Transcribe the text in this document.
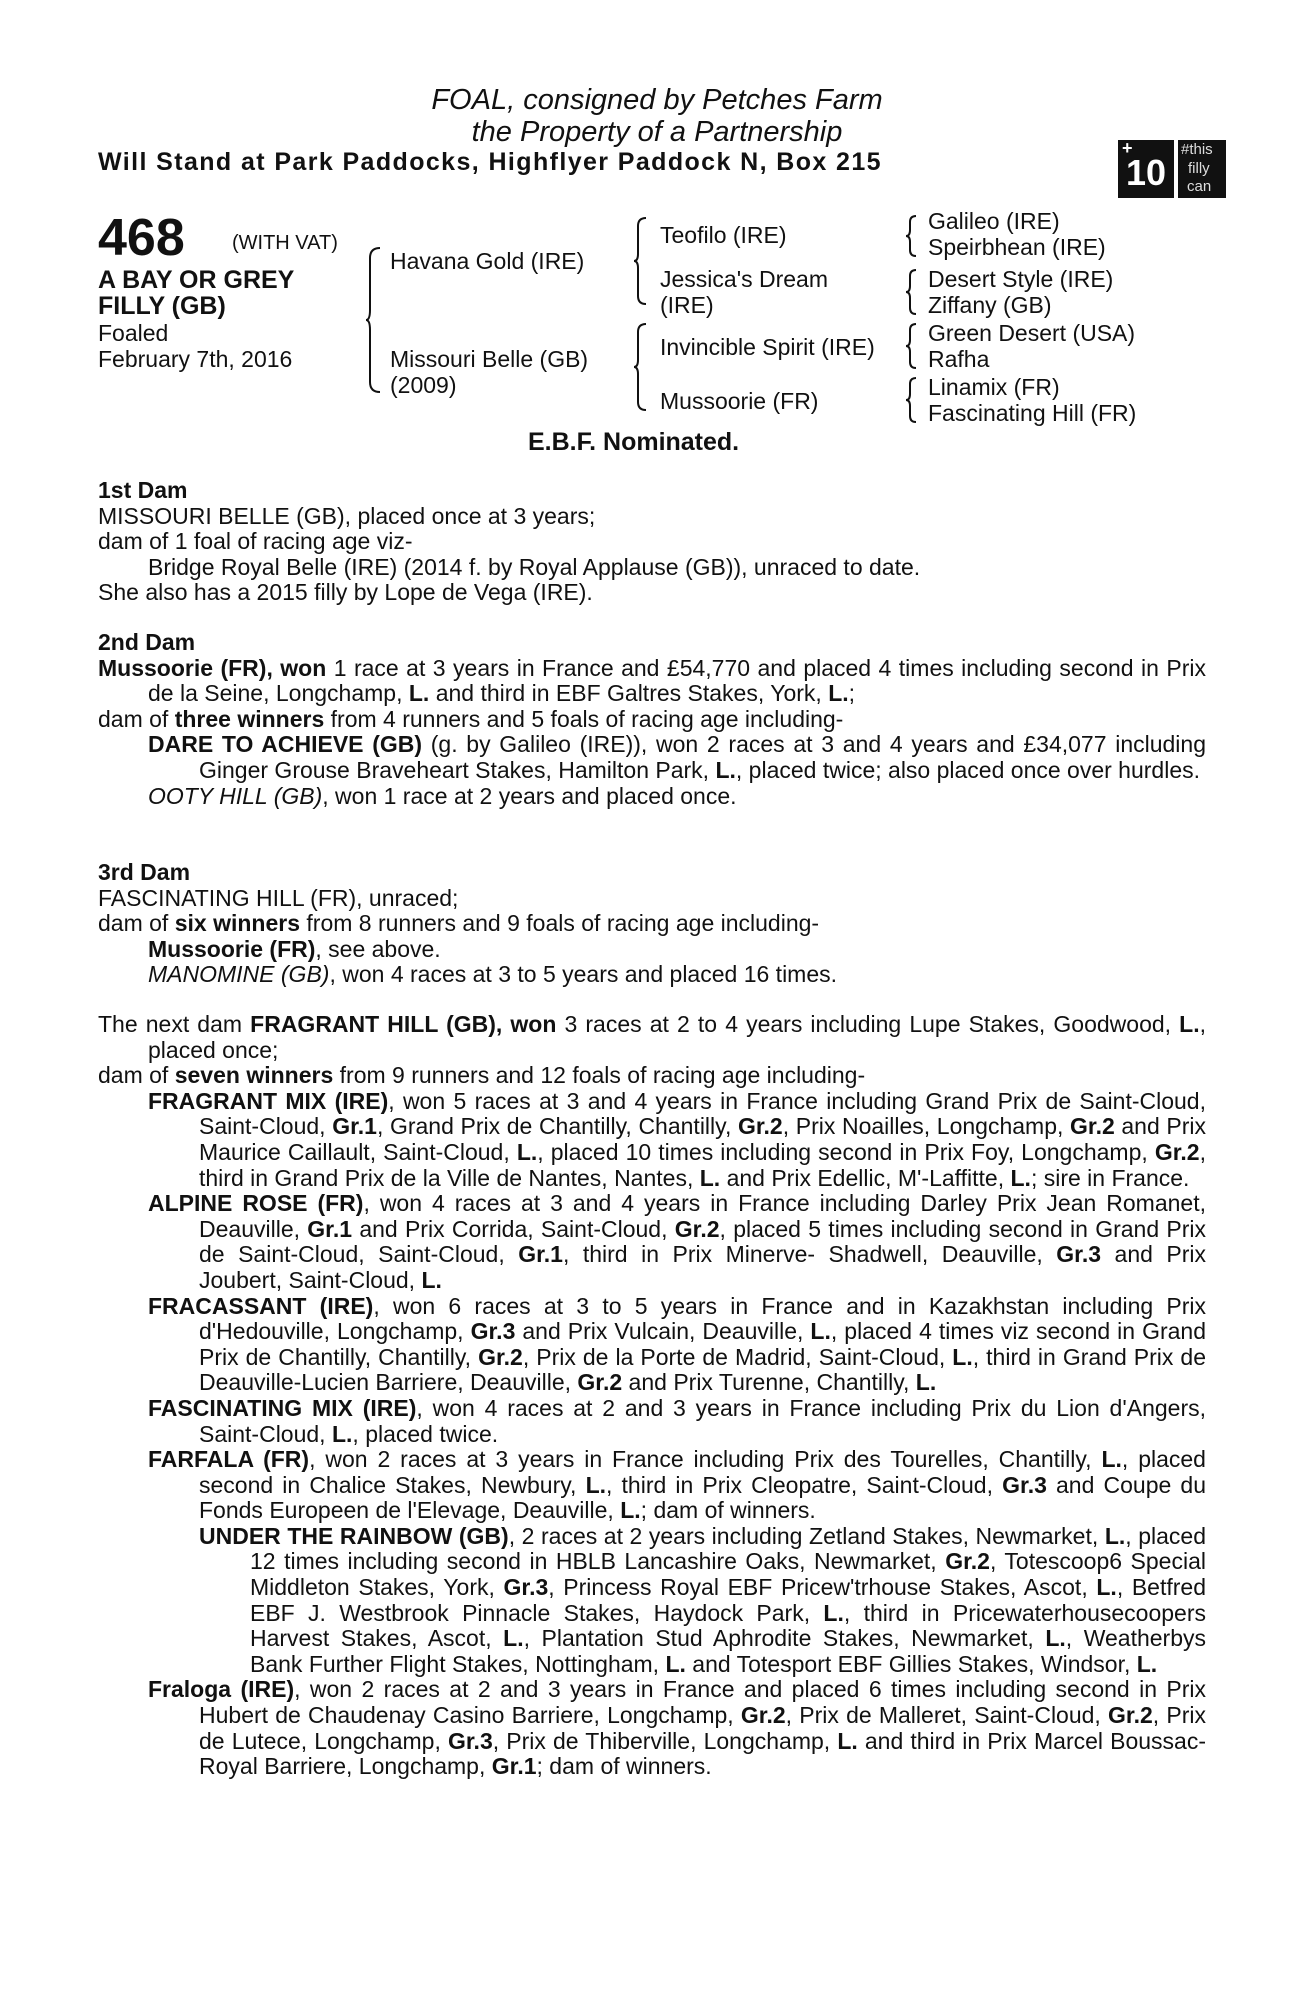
FOAL, consigned by Petches Farm
the Property of a Partnership
Will Stand at Park Paddocks, Highflyer Paddock N, Box 215	+
10
#this
filly
can
468 (WITH VAT)
A BAY OR GREY
FILLY (GB)
Foaled
February 7th, 2016
Havana Gold (IRE)
Missouri Belle (GB)
(2009)
Teofilo (IRE)
Jessica's Dream
(IRE)
Invincible Spirit (IRE)
Mussoorie (FR)
Galileo (IRE)
Speirbhean (IRE)
Desert Style (IRE)
Ziffany (GB)
Green Desert (USA)
Rafha
Linamix (FR)
Fascinating Hill (FR)
E.B.F. Nominated.

1st Dam

MISSOURI BELLE (GB), placed once at 3 years;

dam of 1 foal of racing age viz-

Bridge Royal Belle (IRE) (2014 f. by Royal Applause (GB)), unraced to date.

She also has a 2015 filly by Lope de Vega (IRE).

2nd Dam

Mussoorie (FR), won 1 race at 3 years in France and £54,770 and placed 4 times including second in Prix de la Seine, Longchamp, L. and third in EBF Galtres Stakes, York, L.;

dam of three winners from 4 runners and 5 foals of racing age including-

DARE TO ACHIEVE (GB) (g. by Galileo (IRE)), won 2 races at 3 and 4 years and £34,077 including Ginger Grouse Braveheart Stakes, Hamilton Park, L., placed twice; also placed once over hurdles.

OOTY HILL (GB), won 1 race at 2 years and placed once.

3rd Dam

FASCINATING HILL (FR), unraced;

dam of six winners from 8 runners and 9 foals of racing age including-

Mussoorie (FR), see above.

MANOMINE (GB), won 4 races at 3 to 5 years and placed 16 times.

The next dam FRAGRANT HILL (GB), won 3 races at 2 to 4 years including Lupe Stakes, Goodwood, L., placed once;

dam of seven winners from 9 runners and 12 foals of racing age including-

FRAGRANT MIX (IRE), won 5 races at 3 and 4 years in France including Grand Prix de Saint-Cloud, Saint-Cloud, Gr.1, Grand Prix de Chantilly, Chantilly, Gr.2, Prix Noailles, Longchamp, Gr.2 and Prix Maurice Caillault, Saint-Cloud, L., placed 10 times including second in Prix Foy, Longchamp, Gr.2, third in Grand Prix de la Ville de Nantes, Nantes, L. and Prix Edellic, M'-Laffitte, L.; sire in France.

ALPINE ROSE (FR), won 4 races at 3 and 4 years in France including Darley Prix Jean Romanet, Deauville, Gr.1 and Prix Corrida, Saint-Cloud, Gr.2, placed 5 times including second in Grand Prix de Saint-Cloud, Saint-Cloud, Gr.1, third in Prix Minerve- Shadwell, Deauville, Gr.3 and Prix Joubert, Saint-Cloud, L.

FRACASSANT (IRE), won 6 races at 3 to 5 years in France and in Kazakhstan including Prix d'Hedouville, Longchamp, Gr.3 and Prix Vulcain, Deauville, L., placed 4 times viz second in Grand Prix de Chantilly, Chantilly, Gr.2, Prix de la Porte de Madrid, Saint-Cloud, L., third in Grand Prix de Deauville-Lucien Barriere, Deauville, Gr.2 and Prix Turenne, Chantilly, L.

FASCINATING MIX (IRE), won 4 races at 2 and 3 years in France including Prix du Lion d'Angers, Saint-Cloud, L., placed twice.

FARFALA (FR), won 2 races at 3 years in France including Prix des Tourelles, Chantilly, L., placed second in Chalice Stakes, Newbury, L., third in Prix Cleopatre, Saint-Cloud, Gr.3 and Coupe du Fonds Europeen de l'Elevage, Deauville, L.; dam of winners.

UNDER THE RAINBOW (GB), 2 races at 2 years including Zetland Stakes, Newmarket, L., placed 12 times including second in HBLB Lancashire Oaks, Newmarket, Gr.2, Totescoop6 Special Middleton Stakes, York, Gr.3, Princess Royal EBF Pricew'trhouse Stakes, Ascot, L., Betfred EBF J. Westbrook Pinnacle Stakes, Haydock Park, L., third in Pricewaterhousecoopers Harvest Stakes, Ascot, L., Plantation Stud Aphrodite Stakes, Newmarket, L., Weatherbys Bank Further Flight Stakes, Nottingham, L. and Totesport EBF Gillies Stakes, Windsor, L.

Fraloga (IRE), won 2 races at 2 and 3 years in France and placed 6 times including second in Prix Hubert de Chaudenay Casino Barriere, Longchamp, Gr.2, Prix de Malleret, Saint-Cloud, Gr.2, Prix de Lutece, Longchamp, Gr.3, Prix de Thiberville, Longchamp, L. and third in Prix Marcel Boussac-Royal Barriere, Longchamp, Gr.1; dam of winners.
